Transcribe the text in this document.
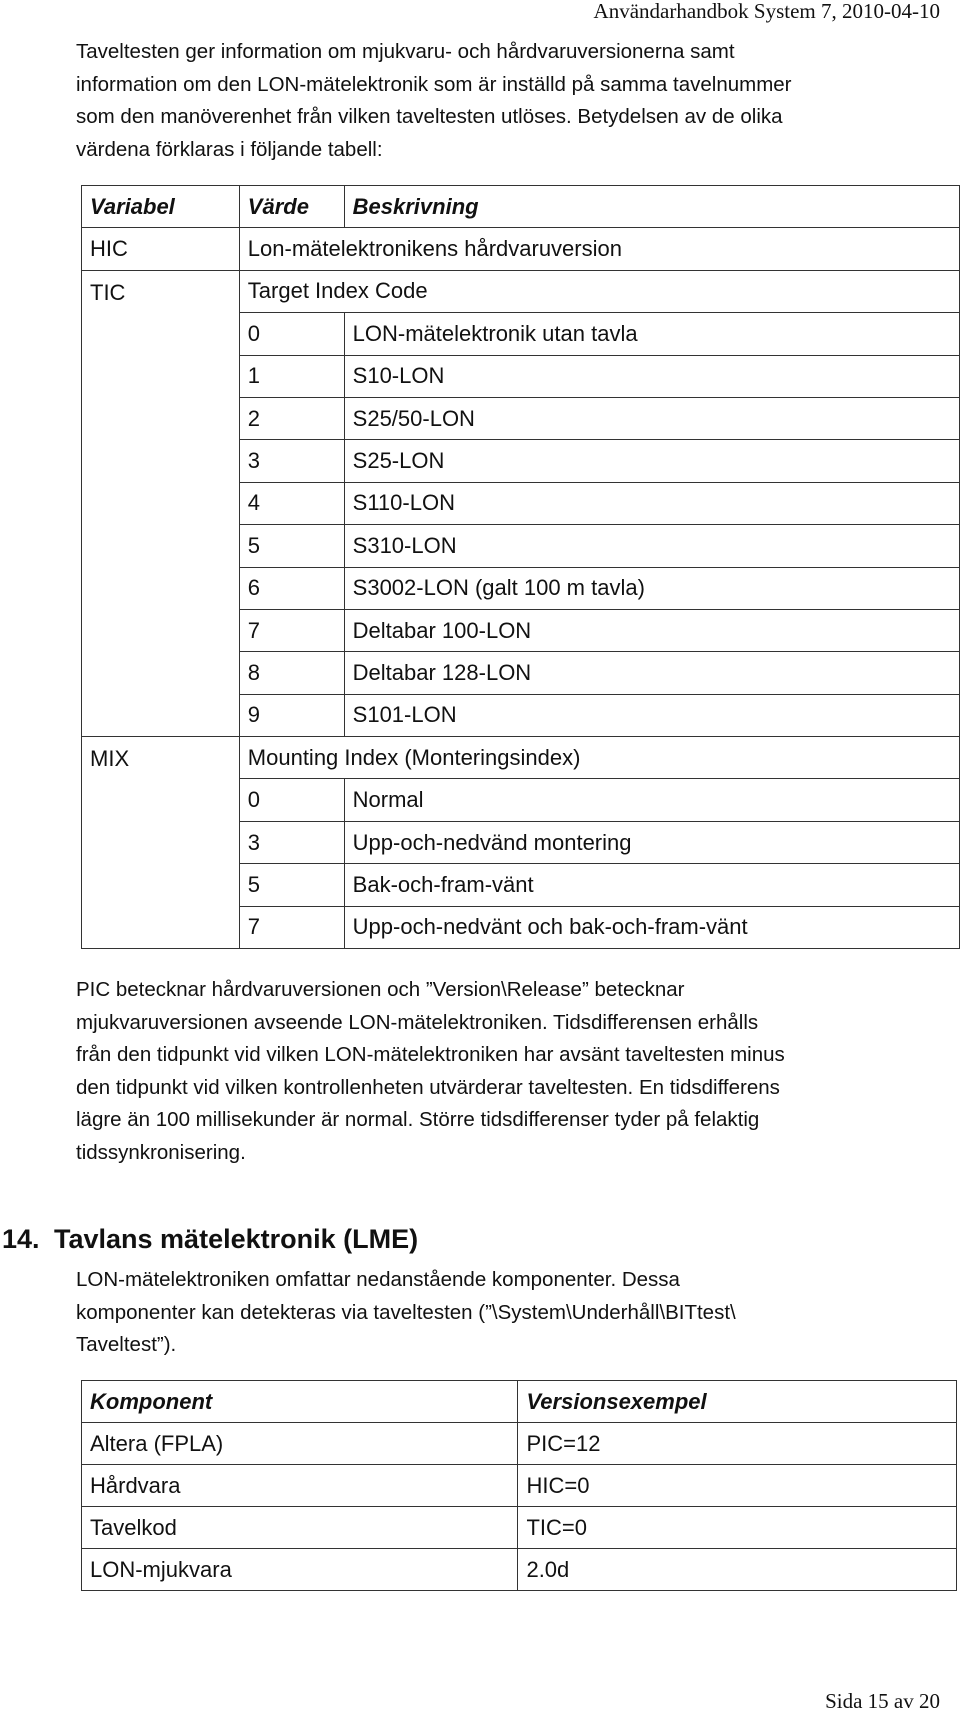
Användarhandbok System 7, 2010-04-10
Taveltesten ger information om mjukvaru- och hårdvaruversionerna samt
information om den LON-mätelektronik som är inställd på samma tavelnummer
som den manöverenhet från vilken taveltesten utlöses. Betydelsen av de olika
värdena förklaras i följande tabell:
Variabel	Värde	Beskrivning
HIC	Lon-mätelektronikens hårdvaruversion	
TIC	Target Index Code	
	0	LON-mätelektronik utan tavla
	1	S10-LON
	2	S25/50-LON
	3	S25-LON
	4	S110-LON
	5	S310-LON
	6	S3002-LON (galt 100 m tavla)
	7	Deltabar 100-LON
	8	Deltabar 128-LON
	9	S101-LON
MIX	Mounting Index (Monteringsindex)	
	0	Normal
	3	Upp-och-nedvänd montering
	5	Bak-och-fram-vänt
	7	Upp-och-nedvänt och bak-och-fram-vänt
PIC betecknar hårdvaruversionen och ”Version\Release” betecknar
mjukvaruversionen avseende LON-mätelektroniken. Tidsdifferensen erhålls
från den tidpunkt vid vilken LON-mätelektroniken har avsänt taveltesten minus
den tidpunkt vid vilken kontrollenheten utvärderar taveltesten. En tidsdifferens
lägre än 100 millisekunder är normal. Större tidsdifferenser tyder på felaktig
tidssynkronisering.
14. Tavlans mätelektronik (LME)
LON-mätelektroniken omfattar nedanstående komponenter. Dessa
komponenter kan detekteras via taveltesten (”\System\Underhåll\BITtest\
Taveltest”).
Komponent	Versionsexempel
Altera (FPLA)	PIC=12
Hårdvara	HIC=0
Tavelkod	TIC=0
LON-mjukvara	2.0d
Sida 15 av 20
